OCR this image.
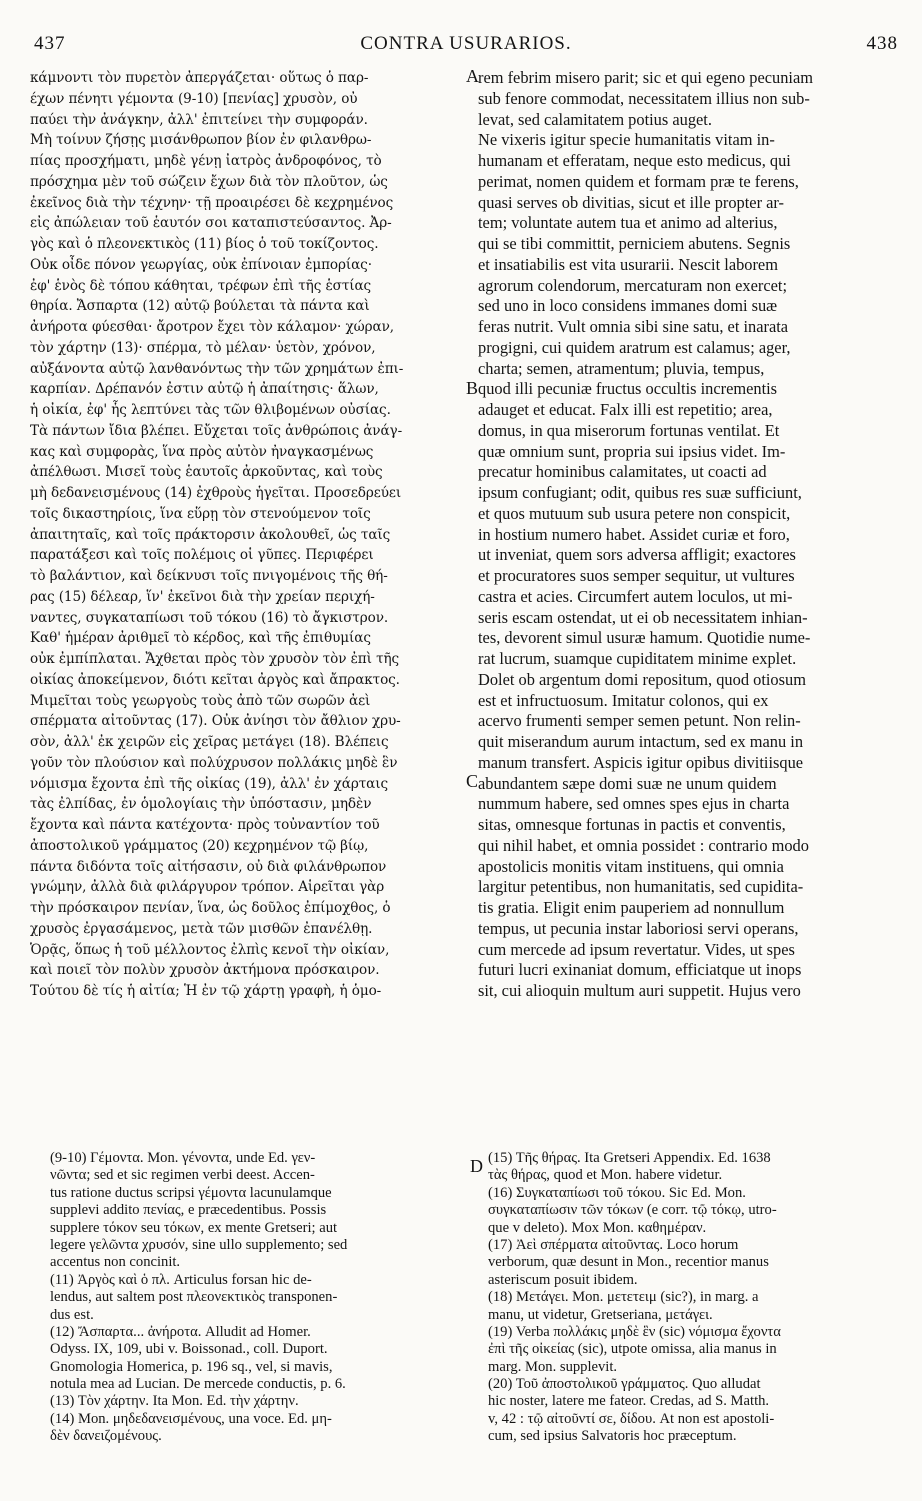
437	CONTRA USURARIOS.	438
κάμνοντι τὸν πυρετὸν ἀπεργάζεται· οὕτως ὁ παρ-
έχων πένητι γέμοντα (9-10) [πενίας] χρυσὸν, οὐ
παύει τὴν ἀνάγκην, ἀλλ' ἐπιτείνει τὴν συμφοράν.
Μὴ τοίνυν ζήσῃς μισάνθρωπον βίον ἐν φιλανθρω-
πίας προσχήματι, μηδὲ γένῃ ἰατρὸς ἀνδροφόνος, τὸ
πρόσχημα μὲν τοῦ σώζειν ἔχων διὰ τὸν πλοῦτον, ὡς
ἐκεῖνος διὰ τὴν τέχνην· τῇ προαιρέσει δὲ κεχρημένος
εἰς ἀπώλειαν τοῦ ἑαυτόν σοι καταπιστεύσαντος. Ἀρ-
γὸς καὶ ὁ πλεονεκτικὸς (11) βίος ὁ τοῦ τοκίζοντος.
Οὐκ οἶδε πόνον γεωργίας, οὐκ ἐπίνοιαν ἐμπορίας·
ἐφ' ἑνὸς δὲ τόπου κάθηται, τρέφων ἐπὶ τῆς ἑστίας
θηρία. Ἄσπαρτα (12) αὐτῷ βούλεται τὰ πάντα καὶ
ἀνήροτα φύεσθαι· ἄροτρον ἔχει τὸν κάλαμον· χώραν,
τὸν χάρτην (13)· σπέρμα, τὸ μέλαν· ὑετὸν, χρόνον,
αὐξάνοντα αὐτῷ λανθανόντως τὴν τῶν χρημάτων ἐπι-
καρπίαν. Δρέπανόν ἐστιν αὐτῷ ἡ ἀπαίτησις· ἅλων,
ἡ οἰκία, ἐφ' ἧς λεπτύνει τὰς τῶν θλιβομένων οὐσίας.
Τὰ πάντων ἴδια βλέπει. Εὔχεται τοῖς ἀνθρώποις ἀνάγ-
κας καὶ συμφορὰς, ἵνα πρὸς αὐτὸν ἠναγκασμένως
ἀπέλθωσι. Μισεῖ τοὺς ἑαυτοῖς ἀρκοῦντας, καὶ τοὺς
μὴ δεδανεισμένους (14) ἐχθροὺς ἡγεῖται. Προσεδρεύει
τοῖς δικαστηρίοις, ἵνα εὕρῃ τὸν στενούμενον τοῖς
ἀπαιτηταῖς, καὶ τοῖς πράκτορσιν ἀκολουθεῖ, ὡς ταῖς
παρατάξεσι καὶ τοῖς πολέμοις οἱ γῦπες. Περιφέρει
τὸ βαλάντιον, καὶ δείκνυσι τοῖς πνιγομένοις τῆς θή-
ρας (15) δέλεαρ, ἵν' ἐκεῖνοι διὰ τὴν χρείαν περιχή-
ναντες, συγκαταπίωσι τοῦ τόκου (16) τὸ ἄγκιστρον.
Καθ' ἡμέραν ἀριθμεῖ τὸ κέρδος, καὶ τῆς ἐπιθυμίας
οὐκ ἐμπίπλαται. Ἄχθεται πρὸς τὸν χρυσὸν τὸν ἐπὶ τῆς
οἰκίας ἀποκείμενον, διότι κεῖται ἀργὸς καὶ ἄπρακτος.
Μιμεῖται τοὺς γεωργοὺς τοὺς ἀπὸ τῶν σωρῶν ἀεὶ
σπέρματα αἰτοῦντας (17). Οὐκ ἀνίησι τὸν ἄθλιον χρυ-
σὸν, ἀλλ' ἐκ χειρῶν εἰς χεῖρας μετάγει (18). Βλέπεις
γοῦν τὸν πλούσιον καὶ πολύχρυσον πολλάκις μηδὲ ἓν
νόμισμα ἔχοντα ἐπὶ τῆς οἰκίας (19), ἀλλ' ἐν χάρταις
τὰς ἐλπίδας, ἐν ὁμολογίαις τὴν ὑπόστασιν, μηδὲν
ἔχοντα καὶ πάντα κατέχοντα· πρὸς τοὐναντίον τοῦ
ἀποστολικοῦ γράμματος (20) κεχρημένον τῷ βίῳ,
πάντα διδόντα τοῖς αἰτήσασιν, οὐ διὰ φιλάνθρωπον
γνώμην, ἀλλὰ διὰ φιλάργυρον τρόπον. Αἱρεῖται γὰρ
τὴν πρόσκαιρον πενίαν, ἵνα, ὡς δοῦλος ἐπίμοχθος, ὁ
χρυσὸς ἐργασάμενος, μετὰ τῶν μισθῶν ἐπανέλθῃ.
Ὁρᾷς, ὅπως ἡ τοῦ μέλλοντος ἐλπὶς κενοῖ τὴν οἰκίαν,
καὶ ποιεῖ τὸν πολὺν χρυσὸν ἀκτήμονα πρόσκαιρον.
Τούτου δὲ τίς ἡ αἰτία; Ἡ ἐν τῷ χάρτῃ γραφὴ, ἡ ὁμο-
rem febrim misero parit; sic et qui egeno pecuniam
sub fenore commodat, necessitatem illius non sub-
levat, sed calamitatem potius auget.
Ne vixeris igitur specie humanitatis vitam in-
humanam et efferatam, neque esto medicus, qui
perimat, nomen quidem et formam præ te ferens,
quasi serves ob divitias, sicut et ille propter ar-
tem; voluntate autem tua et animo ad alterius,
qui se tibi committit, perniciem abutens. Segnis
et insatiabilis est vita usurarii. Nescit laborem
agrorum colendorum, mercaturam non exercet;
sed uno in loco considens immanes domi suæ
feras nutrit. Vult omnia sibi sine satu, et inarata
progigni, cui quidem aratrum est calamus; ager,
charta; semen, atramentum; pluvia, tempus,
quod illi pecuniæ fructus occultis incrementis
adauget et educat. Falx illi est repetitio; area,
domus, in qua miserorum fortunas ventilat. Et
quæ omnium sunt, propria sui ipsius videt. Im-
precatur hominibus calamitates, ut coacti ad
ipsum confugiant; odit, quibus res suæ sufficiunt,
et quos mutuum sub usura petere non conspicit,
in hostium numero habet. Assidet curiæ et foro,
ut inveniat, quem sors adversa affligit; exactores
et procuratores suos semper sequitur, ut vultures
castra et acies. Circumfert autem loculos, ut mi-
seris escam ostendat, ut ei ob necessitatem inhian-
tes, devorent simul usuræ hamum. Quotidie nume-
rat lucrum, suamque cupiditatem minime explet.
Dolet ob argentum domi repositum, quod otiosum
est et infructuosum. Imitatur colonos, qui ex
acervo frumenti semper semen petunt. Non relin-
quit miserandum aurum intactum, sed ex manu in
manum transfert. Aspicis igitur opibus divitiisque
abundantem sæpe domi suæ ne unum quidem
nummum habere, sed omnes spes ejus in charta
sitas, omnesque fortunas in pactis et conventis,
qui nihil habet, et omnia possidet : contrario modo
apostolicis monitis vitam instituens, qui omnia
largitur petentibus, non humanitatis, sed cupidita-
tis gratia. Eligit enim pauperiem ad nonnullum
tempus, ut pecunia instar laboriosi servi operans,
cum mercede ad ipsum revertatur. Vides, ut spes
futuri lucri exinaniat domum, efficiatque ut inops
sit, cui alioquin multum auri suppetit. Hujus vero
A
B
C
D
(9-10) Γέμοντα. Mon. γένοντα, unde Ed. γεν-
νῶντα; sed et sic regimen verbi deest. Accen-
tus ratione ductus scripsi γέμοντα lacunulamque
supplevi addito πενίας, e præcedentibus. Possis
supplere τόκον seu τόκων, ex mente Gretseri; aut
legere γελῶντα χρυσόν, sine ullo supplemento; sed
accentus non concinit.
(11) Ἀργὸς καὶ ὁ πλ. Articulus forsan hic de-
lendus, aut saltem post πλεονεκτικὸς transponen-
dus est.
(12) Ἄσπαρτα... ἀνήροτα. Alludit ad Homer.
Odyss. IX, 109, ubi v. Boissonad., coll. Duport.
Gnomologia Homerica, p. 196 sq., vel, si mavis,
notula mea ad Lucian. De mercede conductis, p. 6.
(13) Τὸν χάρτην. Ita Mon. Ed. τὴν χάρτην.
(14) Mon. μηδεδανεισμένους, una voce. Ed. μη-
δὲν δανειζομένους.
(15) Τῆς θήρας. Ita Gretseri Appendix. Ed. 1638
τὰς θήρας, quod et Mon. habere videtur.
(16) Συγκαταπίωσι τοῦ τόκου. Sic Ed. Mon.
συγκαταπίωσιν τῶν τόκων (e corr. τῷ τόκῳ, utro-
que v deleto). Mox Mon. καθημέραν.
(17) Ἀεὶ σπέρματα αἰτοῦντας. Loco horum
verborum, quæ desunt in Mon., recentior manus
asteriscum posuit ibidem.
(18) Μετάγει. Mon. μετετειμ (sic?), in marg. a
manu, ut videtur, Gretseriana, μετάγει.
(19) Verba πολλάκις μηδὲ ἓν (sic) νόμισμα ἔχοντα
ἐπὶ τῆς οἰκείας (sic), utpote omissa, alia manus in
marg. Mon. supplevit.
(20) Τοῦ ἀποστολικοῦ γράμματος. Quo alludat
hic noster, latere me fateor. Credas, ad S. Matth.
v, 42 : τῷ αἰτοῦντί σε, δίδου. At non est apostoli-
cum, sed ipsius Salvatoris hoc præceptum.
